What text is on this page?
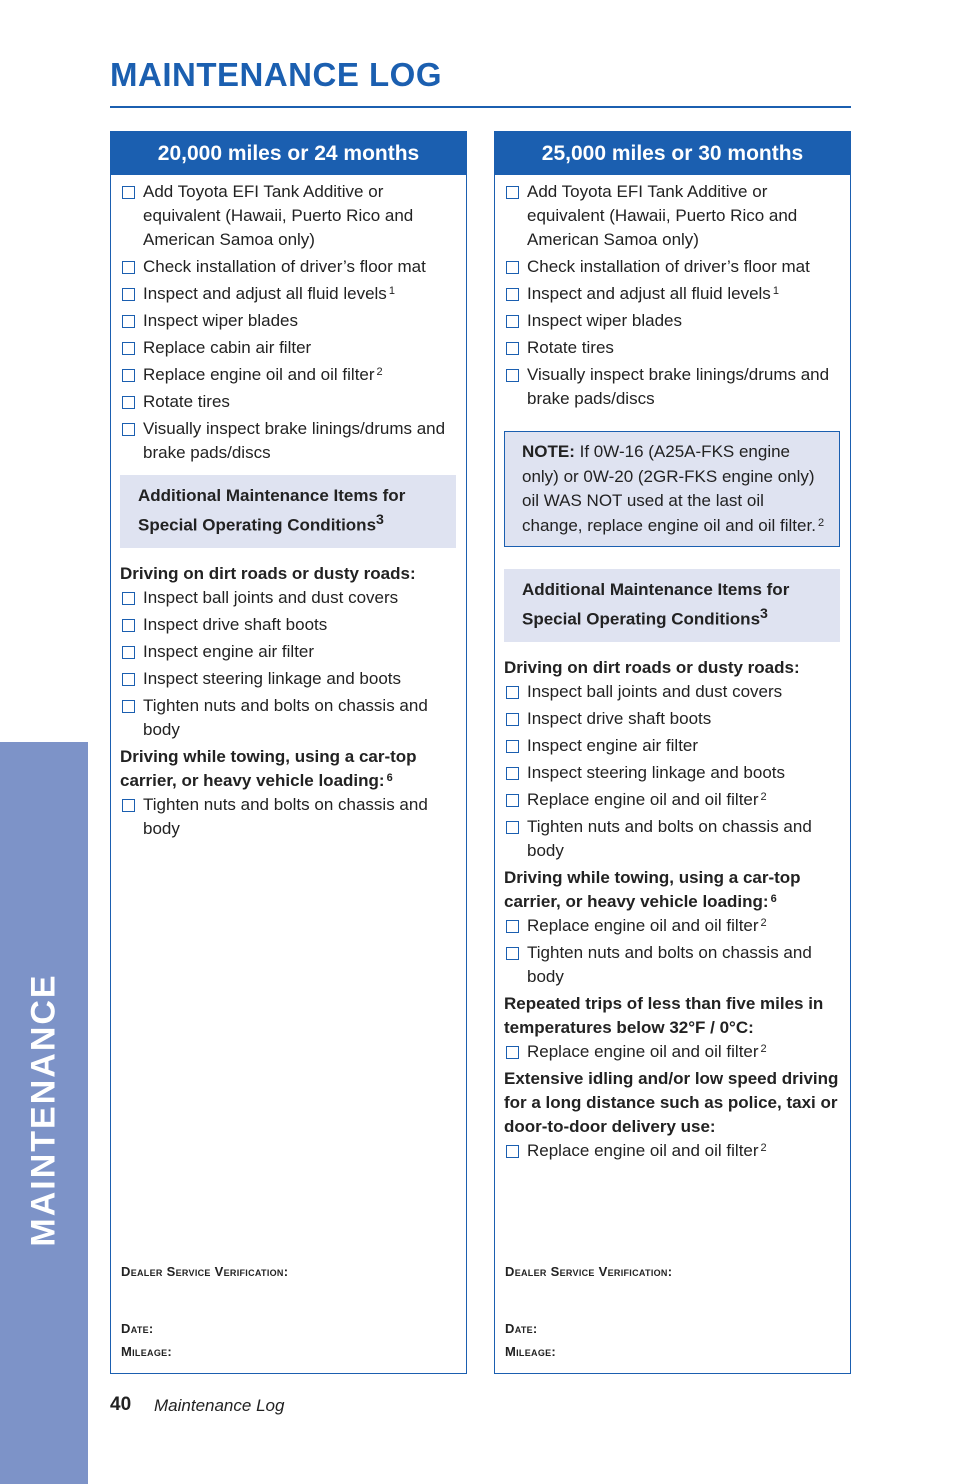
MAINTENANCE LOG
MAINTENANCE
20,000 miles or 24 months
Add Toyota EFI Tank Additive or equivalent (Hawaii, Puerto Rico and American Samoa only)
Check installation of driver’s floor mat
Inspect and adjust all fluid levels $^1$
Inspect wiper blades
Replace cabin air filter
Replace engine oil and oil filter $^2$
Rotate tires
Visually inspect brake linings/drums and brake pads/discs
Additional Maintenance Items for Special Operating Conditions$^3$
Driving on dirt roads or dusty roads:
Inspect ball joints and dust covers
Inspect drive shaft boots
Inspect engine air filter
Inspect steering linkage and boots
Tighten nuts and bolts on chassis and body
Driving while towing, using a car-top carrier, or heavy vehicle loading: $^6$
Tighten nuts and bolts on chassis and body
Dealer Service Verification:
Date:
Mileage:
25,000 miles or 30 months
Add Toyota EFI Tank Additive or equivalent (Hawaii, Puerto Rico and American Samoa only)
Check installation of driver’s floor mat
Inspect and adjust all fluid levels $^1$
Inspect wiper blades
Rotate tires
Visually inspect brake linings/drums and brake pads/discs
NOTE: If 0W-16 (A25A-FKS engine only) or 0W-20 (2GR-FKS engine only) oil WAS NOT used at the last oil change, replace engine oil and oil filter. $^2$
Additional Maintenance Items for Special Operating Conditions$^3$
Driving on dirt roads or dusty roads:
Inspect ball joints and dust covers
Inspect drive shaft boots
Inspect engine air filter
Inspect steering linkage and boots
Replace engine oil and oil filter $^2$
Tighten nuts and bolts on chassis and body
Driving while towing, using a car-top carrier, or heavy vehicle loading: $^6$
Replace engine oil and oil filter $^2$
Tighten nuts and bolts on chassis and body
Repeated trips of less than five miles in temperatures below 32°F / 0°C:
Replace engine oil and oil filter $^2$
Extensive idling and/or low speed driving for a long distance such as police, taxi or door-to-door delivery use:
Replace engine oil and oil filter $^2$
Dealer Service Verification:
Date:
Mileage:
40 Maintenance Log
